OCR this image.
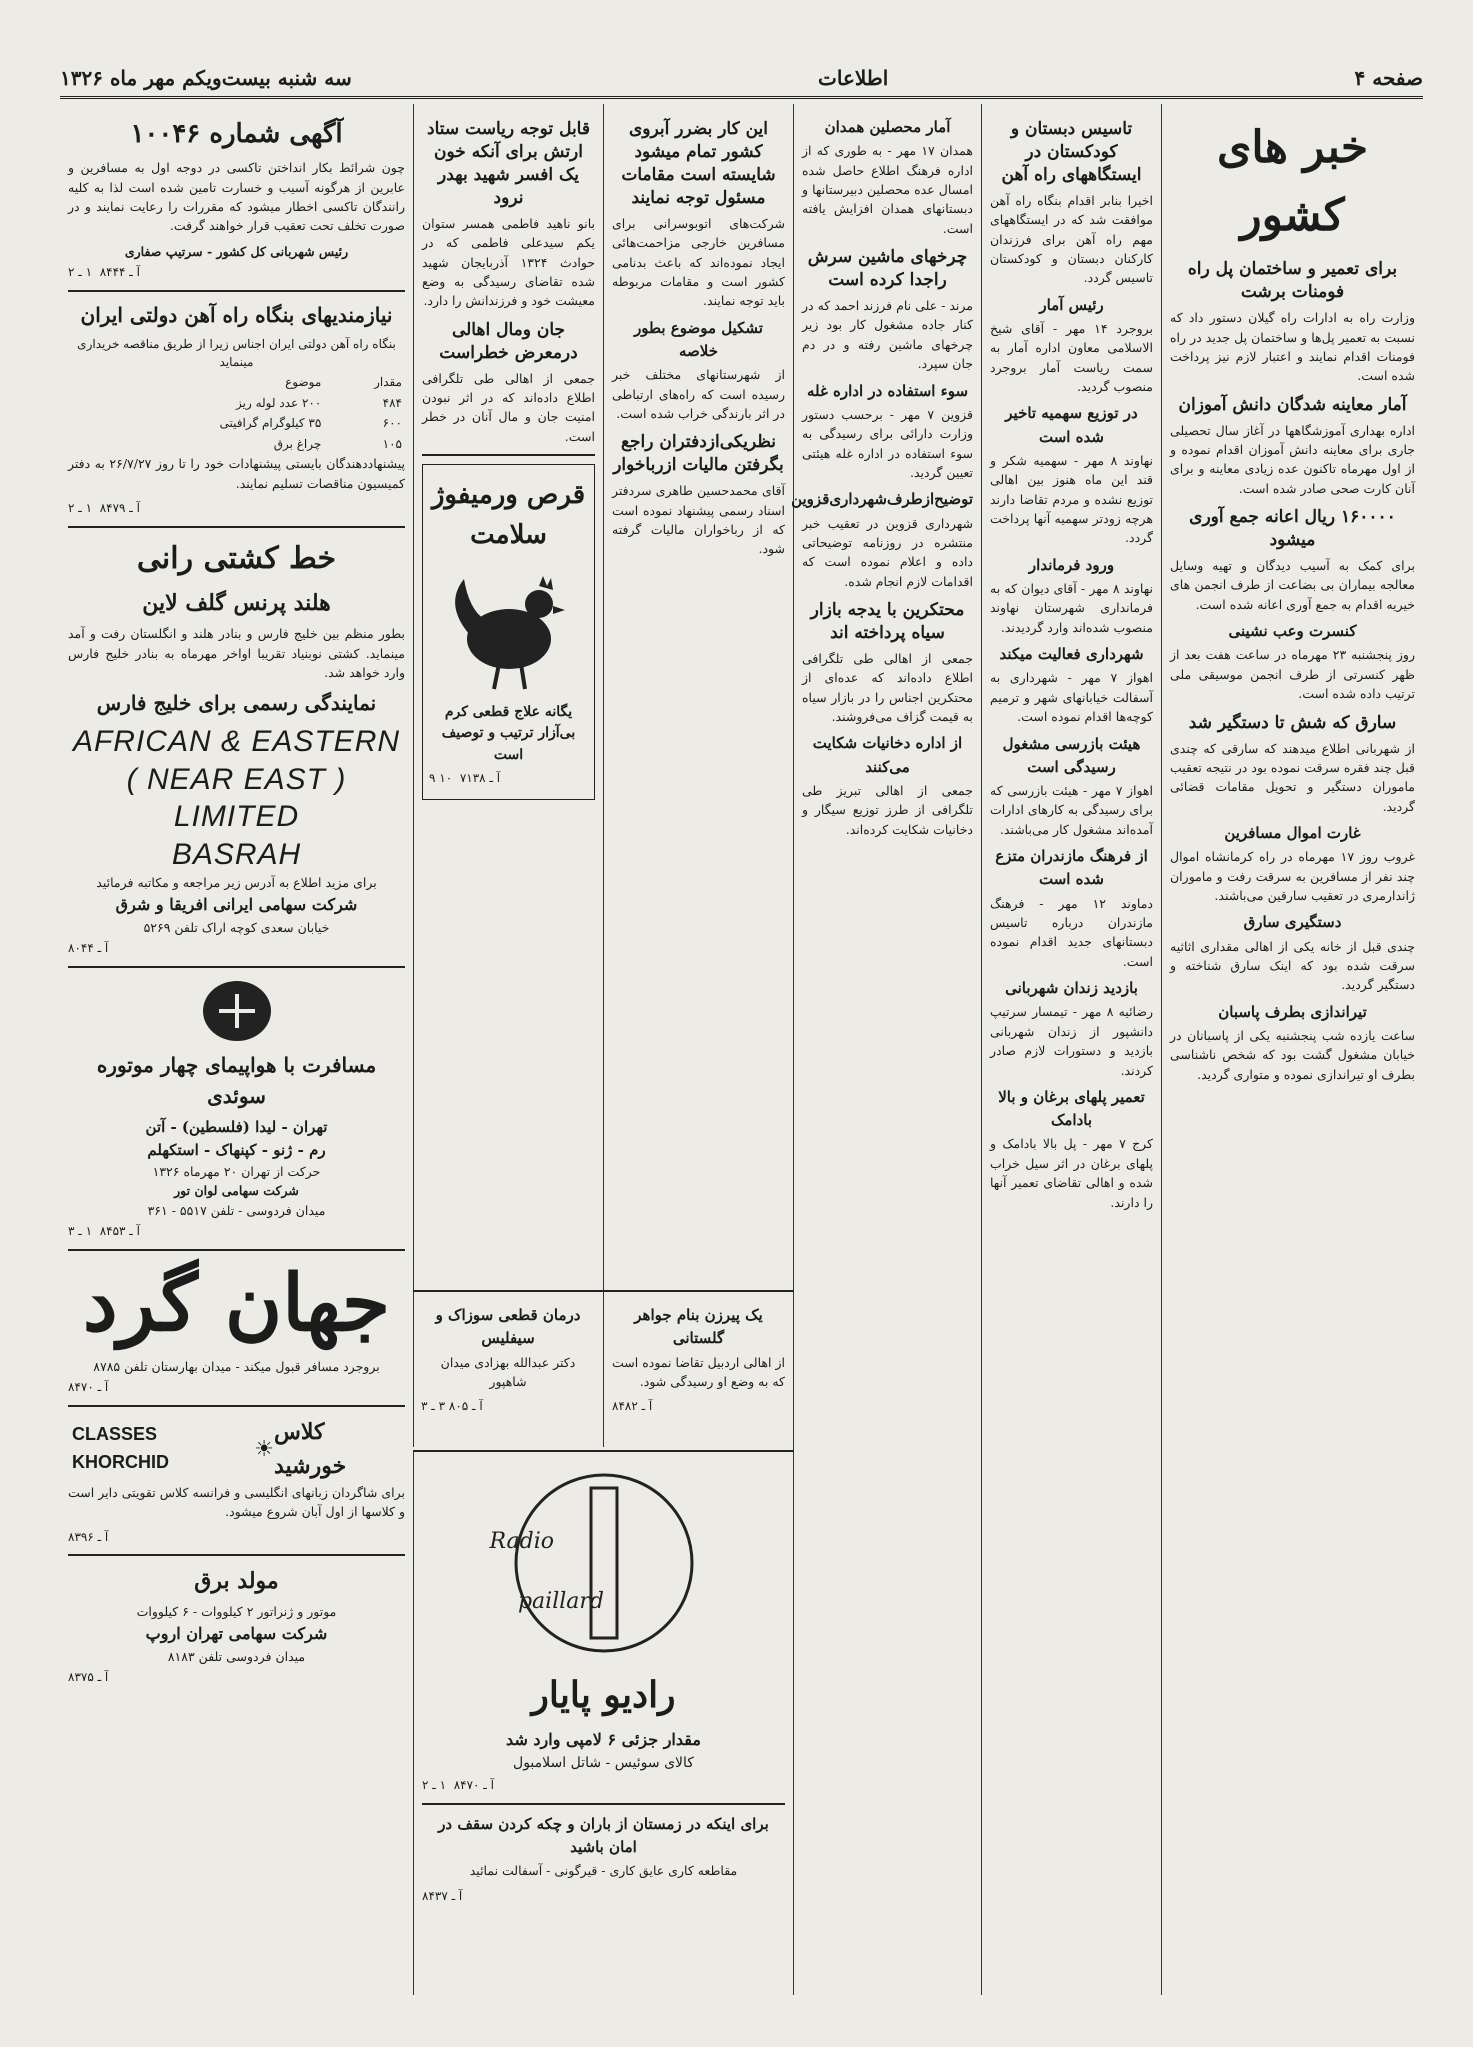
صفحه ۴
اطلاعات
سه شنبه بیست‌ویکم مهر ماه ۱۳۲۶
خبر های کشور
برای تعمیر و ساختمان پل راه فومنات برشت

وزارت راه به ادارات راه گیلان دستور داد که نسبت به تعمیر پل‌ها و ساختمان پل جدید در راه فومنات اقدام نمایند و اعتبار لازم نیز پرداخت شده است.

آمار معاینه شدگان دانش آموزان

اداره بهداری آموزشگاهها در آغاز سال تحصیلی جاری برای معاینه دانش آموزان اقدام نموده و از اول مهرماه تاکنون عده زیادی معاینه و برای آنان کارت صحی صادر شده است.

۱۶۰۰۰۰ ریال اعانه جمع آوری میشود

برای کمک به آسیب دیدگان و تهیه وسایل معالجه بیماران بی بضاعت از طرف انجمن های خیریه اقدام به جمع آوری اعانه شده است.

کنسرت وعب نشینی

روز پنجشنبه ۲۳ مهرماه در ساعت هفت بعد از ظهر کنسرتی از طرف انجمن موسیقی ملی ترتیب داده شده است.

سارق که شش تا دستگیر شد

از شهربانی اطلاع میدهند که سارقی که چندی قبل چند فقره سرقت نموده بود در نتیجه تعقیب ماموران دستگیر و تحویل مقامات قضائی گردید.

غارت اموال مسافرین

غروب روز ۱۷ مهرماه در راه کرمانشاه اموال چند نفر از مسافرین به سرقت رفت و ماموران ژاندارمری در تعقیب سارقین می‌باشند.

دستگیری سارق

چندی قبل از خانه یکی از اهالی مقداری اثاثیه سرقت شده بود که اینک سارق شناخته و دستگیر گردید.

تیراندازی بطرف پاسبان

ساعت یازده شب پنجشنبه یکی از پاسبانان در خیابان مشغول گشت بود که شخص ناشناسی بطرف او تیراندازی نموده و متواری گردید.

تاسیس دبستان و کودکستان در ایستگاههای راه آهن

اخیرا بنابر اقدام بنگاه راه آهن موافقت شد که در ایستگاههای مهم راه آهن برای فرزندان کارکنان دبستان و کودکستان تاسیس گردد.

رئیس آمار

بروجرد ۱۴ مهر - آقای شیخ الاسلامی معاون اداره آمار به سمت ریاست آمار بروجرد منصوب گردید.

در توزیع سهمیه تاخیر شده است

نهاوند ۸ مهر - سهمیه شکر و قند این ماه هنوز بین اهالی توزیع نشده و مردم تقاضا دارند هرچه زودتر سهمیه آنها پرداخت گردد.

ورود فرماندار

نهاوند ۸ مهر - آقای دیوان که به فرمانداری شهرستان نهاوند منصوب شده‌اند وارد گردیدند.

شهرداری فعالیت میکند

اهواز ۷ مهر - شهرداری به آسفالت خیابانهای شهر و ترمیم کوچه‌ها اقدام نموده است.

هیئت بازرسی مشغول رسیدگی است

اهواز ۷ مهر - هیئت بازرسی که برای رسیدگی به کارهای ادارات آمده‌اند مشغول کار می‌باشند.

از فرهنگ مازندران متزع شده است

دماوند ۱۲ مهر - فرهنگ مازندران درباره تاسیس دبستانهای جدید اقدام نموده است.

بازدید زندان شهربانی

رضائیه ۸ مهر - تیمسار سرتیپ دانشپور از زندان شهربانی بازدید و دستورات لازم صادر کردند.

تعمیر پلهای برغان و بالا بادامک

کرج ۷ مهر - پل بالا بادامک و پلهای برغان در اثر سیل خراب شده و اهالی تقاضای تعمیر آنها را دارند.

آمار محصلین همدان

همدان ۱۷ مهر - به طوری که از اداره فرهنگ اطلاع حاصل شده امسال عده محصلین دبیرستانها و دبستانهای همدان افزایش یافته است.

چرخهای ماشین سرش راجدا کرده است

مرند - علی نام فرزند احمد که در کنار جاده مشغول کار بود زیر چرخهای ماشین رفته و در دم جان سپرد.

سوء استفاده در اداره غله

قزوین ۷ مهر - برحسب دستور وزارت دارائی برای رسیدگی به سوء استفاده در اداره غله هیئتی تعیین گردید.

توضیح‌ازطرف‌شهرداری‌قزوین

شهرداری قزوین در تعقیب خبر منتشره در روزنامه توضیحاتی داده و اعلام نموده است که اقدامات لازم انجام شده.

محتکرین با یدجه بازار سیاه پرداخته اند

جمعی از اهالی طی تلگرافی اطلاع داده‌اند که عده‌ای از محتکرین اجناس را در بازار سیاه به قیمت گزاف می‌فروشند.

از اداره دخانیات شکایت می‌کنند

جمعی از اهالی تبریز طی تلگرافی از طرز توزیع سیگار و دخانیات شکایت کرده‌اند.

این کار بضرر آبروی کشور تمام میشود شایسته است مقامات مسئول توجه نمایند

شرکت‌های اتوبوسرانی برای مسافرین خارجی مزاحمت‌هائی ایجاد نموده‌اند که باعث بدنامی کشور است و مقامات مربوطه باید توجه نمایند.

تشکیل موضوع بطور خلاصه

از شهرستانهای مختلف خبر رسیده است که راه‌های ارتباطی در اثر بارندگی خراب شده است.

نظریکی‌ازدفتران راجع بگرفتن مالیات ازرباخوار

آقای محمدحسین طاهری سردفتر اسناد رسمی پیشنهاد نموده است که از رباخواران مالیات گرفته شود.

قابل توجه ریاست ستاد ارتش برای آنکه خون یک افسر شهید بهدر نرود

بانو ناهید فاطمی همسر ستوان یکم سیدعلی فاطمی که در حوادث ۱۳۲۴ آذربایجان شهید شده تقاضای رسیدگی به وضع معیشت خود و فرزندانش را دارد.

جان ومال اهالی درمعرض خطراست

جمعی از اهالی طی تلگرافی اطلاع داده‌اند که در اثر نبودن امنیت جان و مال آنان در خطر است.

قرص ورمیفوژ سلامت
یگانه علاج قطعی کرم بی‌آزار ترتیب و توصیف است
آ ـ ۷۱۳۸  ۱۰ ۹
Radio
paillard
رادیو پایار
مقدار جزئی ۶ لامپی وارد شد
کالای سوئیس - شاتل اسلامبول
آ ـ ۸۴۷۰  ۱ ـ ۲
برای اینکه در زمستان از باران و چکه کردن سقف در امان باشید

مقاطعه کاری عایق کاری - قیرگونی - آسفالت نمائید

آ ـ ۸۴۳۷
درمان قطعی سوزاک و سیفلیس

دکتر عبدالله بهزادی میدان شاهپور

آ ـ ۸۰۵ ۳ ـ ۳
یک پیرزن بنام جواهر گلستانی

از اهالی اردبیل تقاضا نموده است که به وضع او رسیدگی شود.

آ ـ ۸۴۸۲
آگهی شماره ۱۰۰۴۶

چون شرائط بکار انداختن تاکسی در دوجه اول به مسافرین و عابرین از هرگونه آسیب و خسارت تامین شده است لذا به کلیه رانندگان تاکسی اخطار میشود که مقررات را رعایت نمایند و در صورت تخلف تحت تعقیب قرار خواهند گرفت.

رئیس شهربانی کل کشور - سرتیپ صفاری
آ ـ ۸۴۴۴  ۱ ـ ۲
نیازمندیهای بنگاه راه آهن دولتی ایران
بنگاه راه آهن دولتی ایران اجناس زیرا از طریق مناقصه خریداری مینماید
مقدار	موضوع
۴۸۴	۲۰۰ عدد لوله ریز
۶۰۰	۳۵ کیلوگرام گرافیتی
۱۰۵	چراغ برق

پیشنهاددهندگان بایستی پیشنهادات خود را تا روز ۲۶/۷/۲۷ به دفتر کمیسیون مناقصات تسلیم نمایند.

آ ـ ۸۴۷۹  ۱ ـ ۲
خط کشتی رانی
هلند پرنس گلف لاین

بطور منظم بین خلیج فارس و بنادر هلند و انگلستان رفت و آمد مینماید. کشتی نوبنیاد تقریبا اواخر مهرماه به بنادر خلیج فارس وارد خواهد شد.

نمایندگی رسمی برای خلیج فارس
AFRICAN & EASTERN
( NEAR EAST ) LIMITED
BASRAH
برای مزید اطلاع به آدرس زیر مراجعه و مکاتبه فرمائید
شرکت سهامی ایرانی افریقا و شرق
خیابان سعدی کوچه اراک تلفن ۵۲۶۹
آ ـ ۸۰۴۴
مسافرت با هواپیمای چهار موتوره سوئدی
تهران - لیدا (فلسطین) - آتن
رم - ژنو - کپنهاک - استکهلم
حرکت از تهران ۲۰ مهرماه ۱۳۲۶
شرکت سهامی لوان تور
میدان فردوسی - تلفن ۵۵۱۷ - ۳۶۱
آ ـ ۸۴۵۳  ۱ ـ ۳
جهان گرد
بروجرد مسافر قبول میکند - میدان بهارستان تلفن ۸۷۸۵
آ ـ ۸۴۷۰
CLASSES KHORCHID
☀
کلاس خورشید

برای شاگردان زبانهای انگلیسی و فرانسه کلاس تقویتی دایر است و کلاسها از اول آبان شروع میشود.

آ ـ ۸۳۹۶
مولد برق
موتور و ژنراتور ۲ کیلووات - ۶ کیلووات
شرکت سهامی تهران اروپ
میدان فردوسی تلفن ۸۱۸۳
آ ـ ۸۳۷۵
